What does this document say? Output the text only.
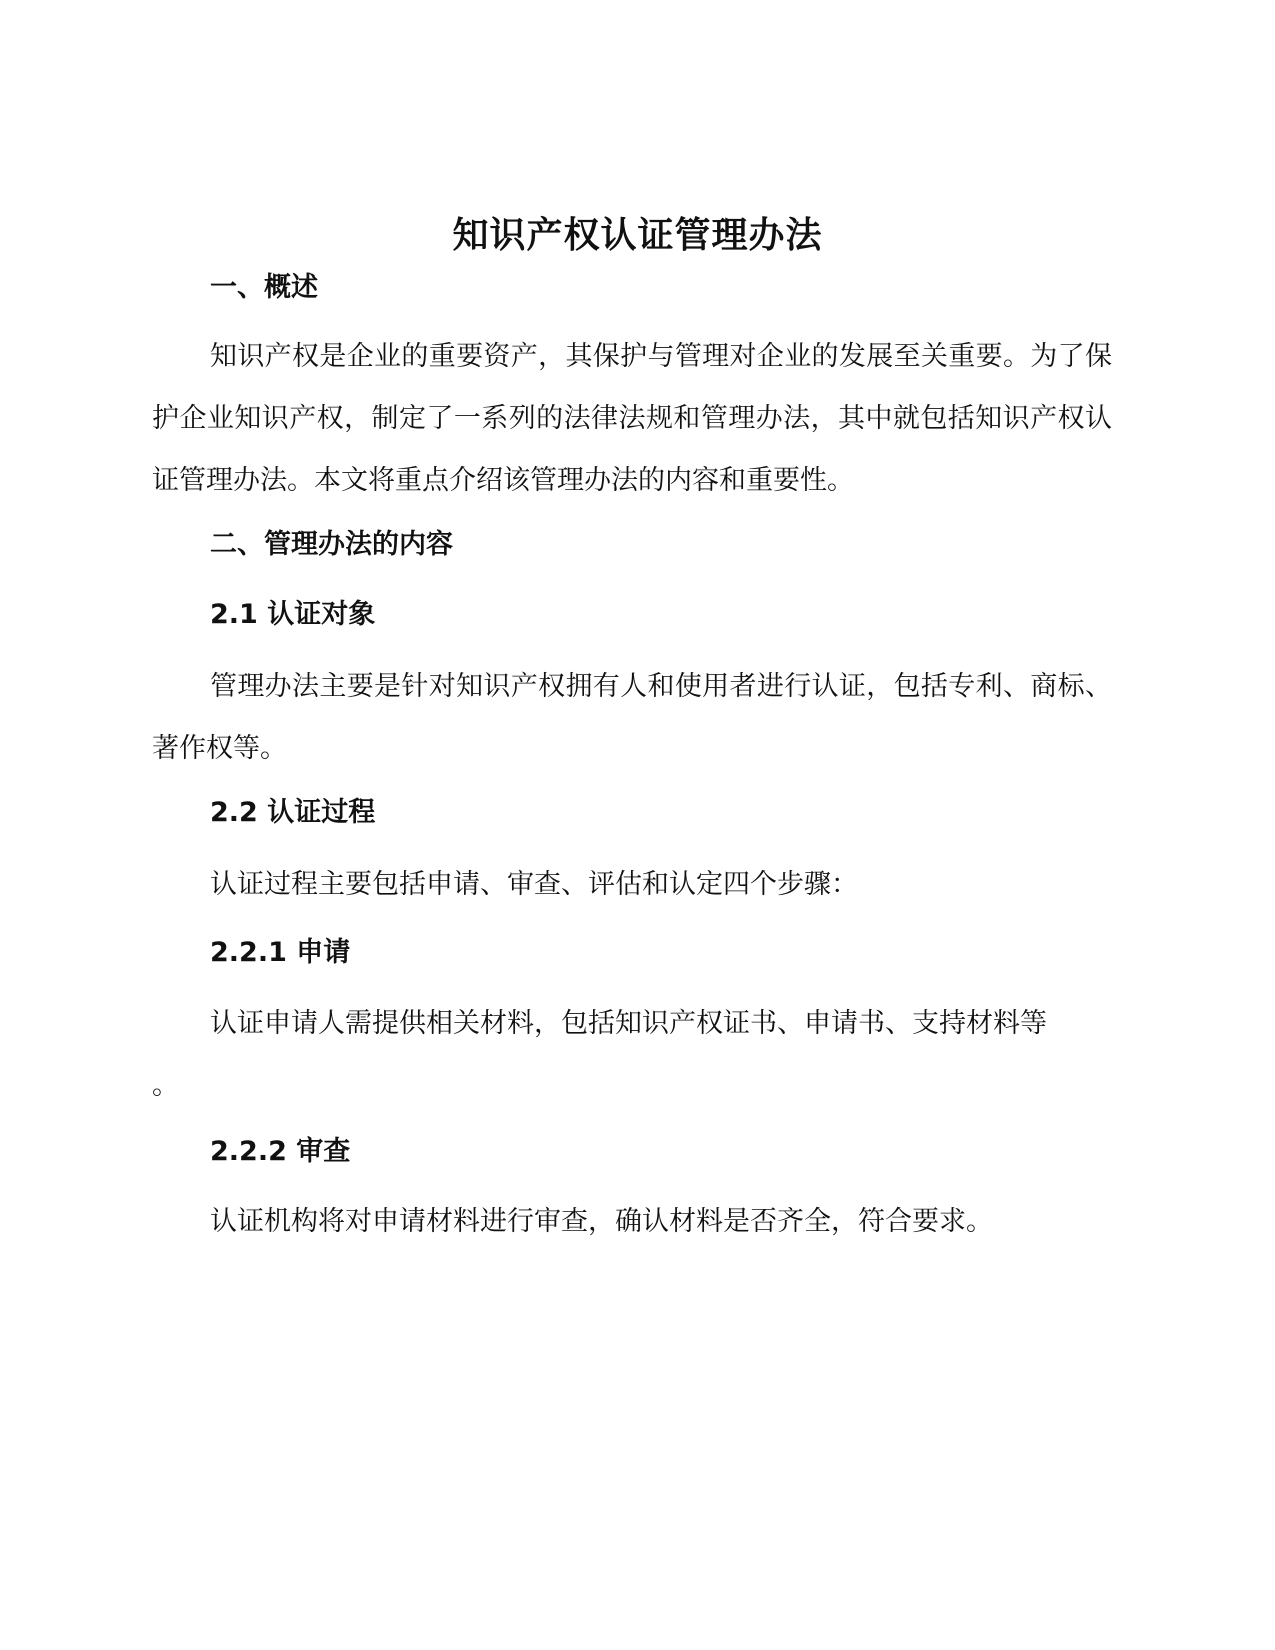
知识产权认证管理办法
一、概述
知识产权是企业的重要资产，其保护与管理对企业的发展至关重要。为了保护企业知识产权，制定了一系列的法律法规和管理办法，其中就包括知识产权认证管理办法。本文将重点介绍该管理办法的内容和重要性。
二、管理办法的内容
2.1 认证对象
管理办法主要是针对知识产权拥有人和使用者进行认证，包括专利、商标、著作权等。
2.2 认证过程
认证过程主要包括申请、审查、评估和认定四个步骤：
2.2.1 申请
认证申请人需提供相关材料，包括知识产权证书、申请书、支持材料等
。
2.2.2 审查
认证机构将对申请材料进行审查，确认材料是否齐全，符合要求。
